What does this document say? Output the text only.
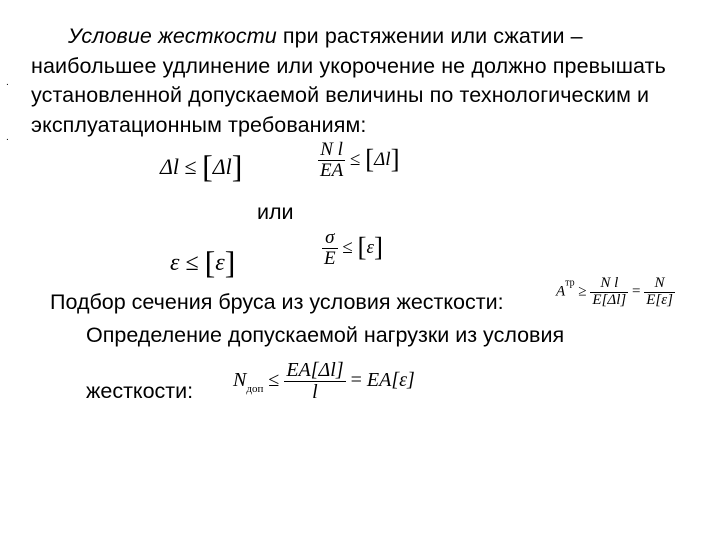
.
.
Условие жесткости при растяжении или сжатии – наибольшее удлинение или укорочение не должно превышать установленной допускаемой величины по технологическим и эксплуатационным требованиям:
Δl ≤ [Δl]	$\frac{\text{N l}}{EA} \le [\Delta l]$
или
ε ≤ [ε]	$\frac{\sigma}{E} \le [\varepsilon]$
Подбор сечения бруса из условия жесткости:	$A^{тр} \ge \frac{\text{N l}}{E[\Delta l]} = \frac{N}{E[\varepsilon]}$
Определение допускаемой нагрузки из условия
жесткости: $N_{доп} \le \frac{EA[\Delta l]}{l} = EA[\varepsilon]$
